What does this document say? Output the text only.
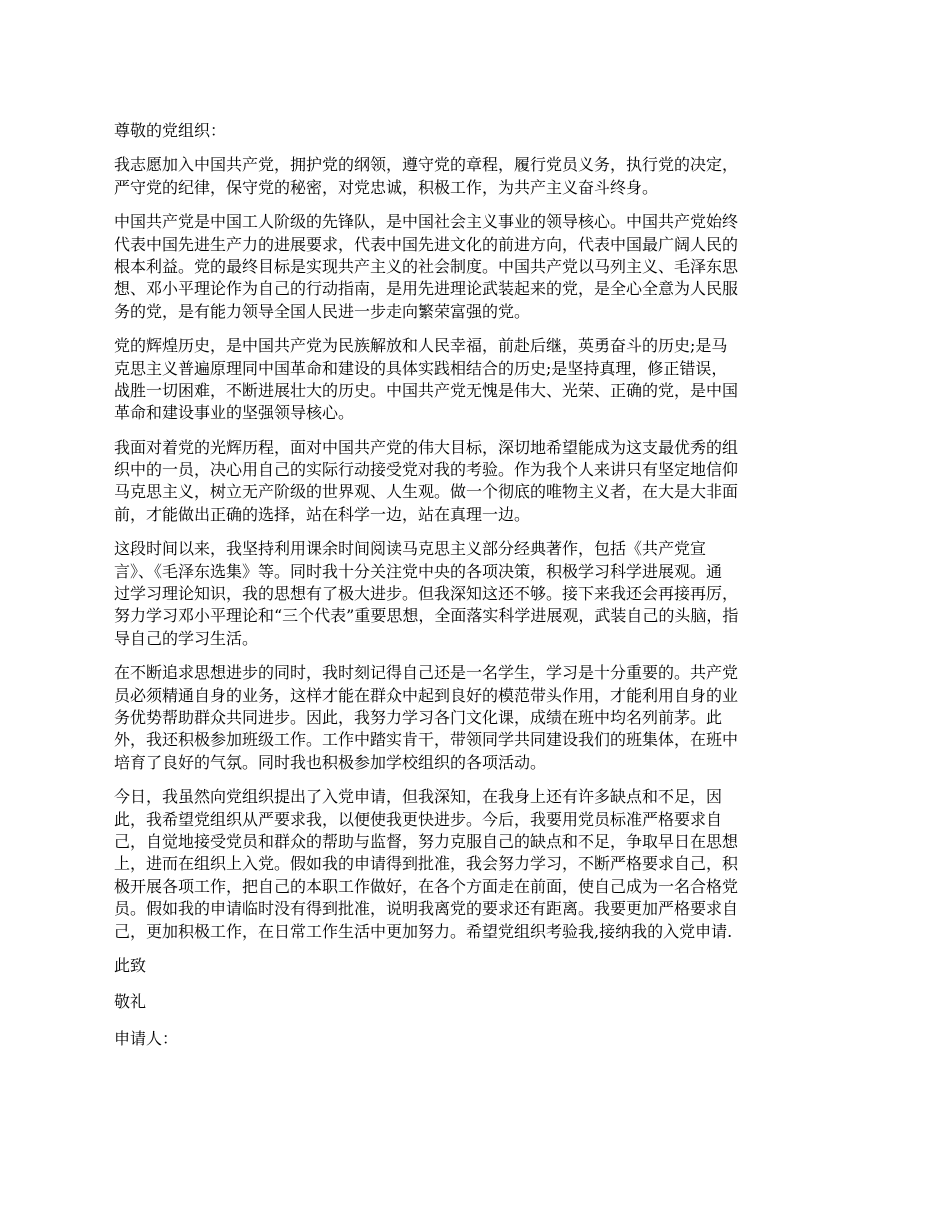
尊敬的党组织：

我志愿加入中国共产党，拥护党的纲领，遵守党的章程，履行党员义务，执行党的决定，
严守党的纪律，保守党的秘密，对党忠诚，积极工作，为共产主义奋斗终身。

中国共产党是中国工人阶级的先锋队，是中国社会主义事业的领导核心。中国共产党始终
代表中国先进生产力的进展要求，代表中国先进文化的前进方向，代表中国最广阔人民的
根本利益。党的最终目标是实现共产主义的社会制度。中国共产党以马列主义、毛泽东思
想、邓小平理论作为自己的行动指南，是用先进理论武装起来的党，是全心全意为人民服
务的党，是有能力领导全国人民进一步走向繁荣富强的党。

党的辉煌历史，是中国共产党为民族解放和人民幸福，前赴后继，英勇奋斗的历史;是马
克思主义普遍原理同中国革命和建设的具体实践相结合的历史;是坚持真理，修正错误，
战胜一切困难，不断进展壮大的历史。中国共产党无愧是伟大、光荣、正确的党，是中国
革命和建设事业的坚强领导核心。

我面对着党的光辉历程，面对中国共产党的伟大目标，深切地希望能成为这支最优秀的组
织中的一员，决心用自己的实际行动接受党对我的考验。作为我个人来讲只有坚定地信仰
马克思主义，树立无产阶级的世界观、人生观。做一个彻底的唯物主义者，在大是大非面
前，才能做出正确的选择，站在科学一边，站在真理一边。

这段时间以来，我坚持利用课余时间阅读马克思主义部分经典著作，包括《共产党宣
言》、《毛泽东选集》等。同时我十分关注党中央的各项决策，积极学习科学进展观。通
过学习理论知识，我的思想有了极大进步。但我深知这还不够。接下来我还会再接再厉，
努力学习邓小平理论和“三个代表”重要思想，全面落实科学进展观，武装自己的头脑，指
导自己的学习生活。

在不断追求思想进步的同时，我时刻记得自己还是一名学生，学习是十分重要的。共产党
员必须精通自身的业务，这样才能在群众中起到良好的模范带头作用，才能利用自身的业
务优势帮助群众共同进步。因此，我努力学习各门文化课，成绩在班中均名列前茅。此
外，我还积极参加班级工作。工作中踏实肯干，带领同学共同建设我们的班集体，在班中
培育了良好的气氛。同时我也积极参加学校组织的各项活动。

今日，我虽然向党组织提出了入党申请，但我深知，在我身上还有许多缺点和不足，因
此，我希望党组织从严要求我，以便使我更快进步。今后，我要用党员标准严格要求自
己，自觉地接受党员和群众的帮助与监督，努力克服自己的缺点和不足，争取早日在思想
上，进而在组织上入党。假如我的申请得到批准，我会努力学习，不断严格要求自己，积
极开展各项工作，把自己的本职工作做好，在各个方面走在前面，使自己成为一名合格党
员。假如我的申请临时没有得到批准，说明我离党的要求还有距离。我要更加严格要求自
己，更加积极工作，在日常工作生活中更加努力。希望党组织考验我,接纳我的入党申请.

此致

敬礼

申请人：
